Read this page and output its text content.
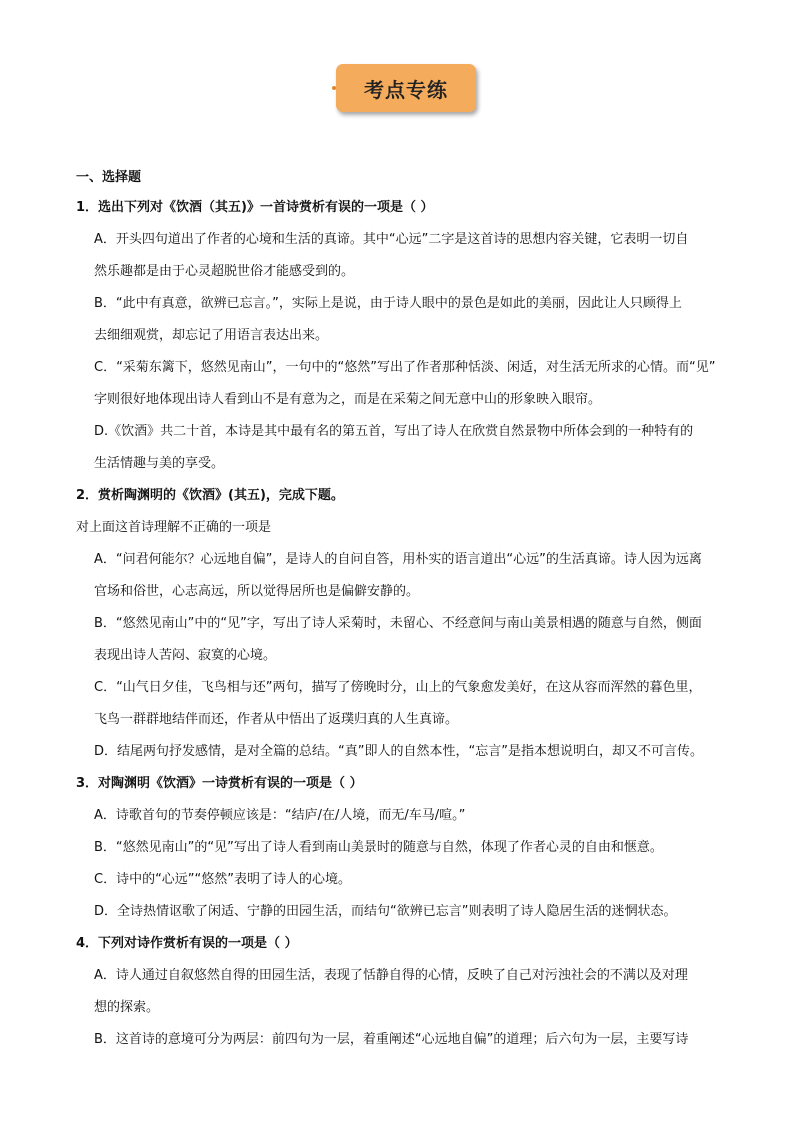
考点专练
一、选择题
1．选出下列对《饮酒（其五)》一首诗赏析有误的一项是（ ）
A．开头四句道出了作者的心境和生活的真谛。其中“心远”二字是这首诗的思想内容关键，它表明一切自
然乐趣都是由于心灵超脱世俗才能感受到的。
B．“此中有真意，欲辨已忘言。”，实际上是说，由于诗人眼中的景色是如此的美丽，因此让人只顾得上
去细细观赏，却忘记了用语言表达出来。
C．“采菊东篱下，悠然见南山”，一句中的“悠然”写出了作者那种恬淡、闲适，对生活无所求的心情。而“见”
字则很好地体现出诗人看到山不是有意为之，而是在采菊之间无意中山的形象映入眼帘。
D.《饮酒》共二十首，本诗是其中最有名的第五首，写出了诗人在欣赏自然景物中所体会到的一种特有的
生活情趣与美的享受。
2．赏析陶渊明的《饮酒》(其五)，完成下题。
对上面这首诗理解不正确的一项是
A．“问君何能尔？心远地自偏”，是诗人的自问自答，用朴实的语言道出“心远”的生活真谛。诗人因为远离
官场和俗世，心志高远，所以觉得居所也是偏僻安静的。
B．“悠然见南山”中的“见”字，写出了诗人采菊时，未留心、不经意间与南山美景相遇的随意与自然，侧面
表现出诗人苦闷、寂寞的心境。
C．“山气日夕佳，飞鸟相与还”两句，描写了傍晚时分，山上的气象愈发美好，在这从容而浑然的暮色里，
飞鸟一群群地结伴而还，作者从中悟出了返璞归真的人生真谛。
D．结尾两句抒发感情，是对全篇的总结。“真”即人的自然本性，“忘言”是指本想说明白，却又不可言传。
3．对陶渊明《饮酒》一诗赏析有误的一项是（ ）
A．诗歌首句的节奏停顿应该是：“结庐/在/人境，而无/车马/喧。”
B．“悠然见南山”的“见”写出了诗人看到南山美景时的随意与自然，体现了作者心灵的自由和惬意。
C．诗中的“心远”“悠然”表明了诗人的心境。
D．全诗热情讴歌了闲适、宁静的田园生活，而结句“欲辨已忘言”则表明了诗人隐居生活的迷惘状态。
4．下列对诗作赏析有误的一项是（ ）
A．诗人通过自叙悠然自得的田园生活，表现了恬静自得的心情，反映了自己对污浊社会的不满以及对理
想的探索。
B．这首诗的意境可分为两层：前四句为一层，着重阐述“心远地自偏”的道理；后六句为一层，主要写诗
